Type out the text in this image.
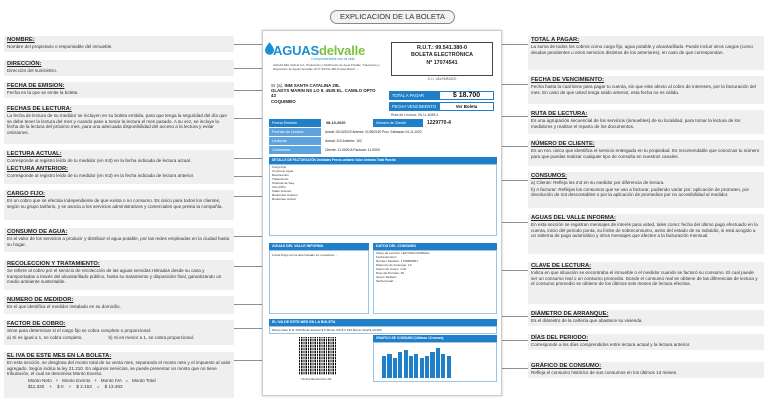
EXPLICACION DE LA BOLETA
NOMBRE:
Nombre del propietario o responsable del inmueble.
DIRECCIÓN:
Dirección del suministro.
FECHA DE EMISION:
Fecha en la que se emite la boleta.
FECHAS DE LECTURA:
La fecha de lectura de su medidor se incluyen en su boleta emitida, para que tenga la seguridad del día que se debe tener la lectura del mes y cuando pase a tomar la lectura el mes pasado. A su vez, se incluye la fecha de la lectura del próximo mes, para una adecuada disponibilidad del acceso a la lectura y evitar omisiones.
LECTURA ACTUAL:
Corresponde al registro leído de tu medidor (en m3) en la fecha indicada de lectura actual.
LECTURA ANTERIOR:
Corresponde al registro leído de tu medidor (en m3) en la fecha indicada de lectura anterior.
CARGO FIJO:
Es un cobro que se efectúa independiente de que exista o no consumo. Es único para todos los clientes, según su grupo tarifario, y se asocia a los servicios administrativos y comerciales que presta la compañía.
CONSUMO DE AGUA:
Es el valor de los servicios a producir y distribuir el agua potable, por las redes empleadas en la ciudad hasta su hogar.
RECOLECCION Y TRATAMIENTO:
Se refiere al cobro por el servicio de recolección de las aguas servidas retiradas desde su casa y transportadas a través del alcantarillado público, hasta su tratamiento y disposición final, garantizando un medio ambiente sustentable.
NUMERO DE MEDIDOR:
Es el que identifica el medidor instalado en su domicilio.
FACTOR DE COBRO:
Sirve para determinar si el cargo fijo se cobra completo o proporcional:
a) Si es igual a 1, se cobra completo.	b) Si es menor a 1, se cobra proporcional.
EL IVA DE ESTE MES EN LA BOLETA:
En esta sección, se desglosa del monto total de su venta mes, separando el monto neto y el impuesto al valor agregado. Según indica la ley 21.210. En algunos servicios, se puede presentar un monto que no tiene tributación, el cual se denomina Monto Exento.
Monto Neto   +   Monto Exento   +   Monto IVA   =   Monto Total
$11.330    +    $ 0    +    $ 2.153    =    $ 13.483
TOTAL A PAGAR:
La suma de todos los cobros como cargo fijo, agua potable y alcantarillado. Puede incluir otros cargos (como deudas pendientes u otros servicios distintos de los anteriores), en caso de que correspondan.
FECHA DE VENCIMIENTO:
Fecha hasta la cual tiene para pagar tu cuenta, sin que este afecto al cobro de intereses, por la facturación del mes. En caso de que usted tenga saldo anterior, esta fecha no es válida.
RUTA DE LECTURA:
Es una agrupación secuencial de los servicios (inmuebles) de su localidad, para tomar la lectura de los medidores y realizar el reparto de los documentos.
NÚMERO DE CLIENTE:
Es un nro. único que identifica el servicio entregado en tu propiedad. Es recomendable que conozcas tu número para que puedas realizar cualquier tipo de consulta en nuestros canales.
CONSUMOS:
a) Cliente: Refleja los m3 en su medidor por diferencia de lectura.
b) A facturar: Reflejas los consumos que se van a facturar, pudiendo variar por: aplicación de prorrateo, por devolución de m3 descontables o por la aplicación de promedios por no accesibilidad al medidor.
AGUAS DEL VALLE INFORMA:
En esta sección se registran mensajes de interés para usted, tales como: fecha del último pago efectuado en la cuenta, inicio del periodo punta, su límite de sobreconsumo, aviso del estado de su subsidio, si está acogido a un sistema de pago automático y otros mensajes que afecten a la facturación mensual.
CLAVE DE LECTURA:
Indica en que situación se encontraba el inmueble o el medidor cuando se facturó su consumo. El cual puede ser un consumo real o un consumo promedio. Donde el consumo real se obtiene de las diferencias de lectura y el consumo promedio se obtiene de los últimos seis meses de lectura efectiva.
DIÁMETRO DE ARRANQUE:
Es el diámetro de la cañería que abastece su vivienda.
DÍAS DEL PERIODO:
Corresponde a los días comprendidos entre lectura actual y la lectura anterior.
GRÁFICO DE CONSUMO:
Refleja el consumo histórico de sus consumos en los últimos 13 meses.
AGUASdelvalle
Comprometidos con la vida
AGUAS DEL VALLE S.A. Producción y Distribución de Agua Potable, Tratamiento y Disposición de Aguas Servidas. RUT: 99.541.380-9 Casa Matriz: ...
R.U.T.: 99.541.380-0
BOLETA ELECTRÓNICA
Nº 17074541
S.I.I. VALPARAISO
Sr (a). INM SANTA CATALINA 29L
GLADYS MARIN NS LO 9. 4535 EL. CAMILO OPTO
43
COQUIMBO
TOTAL A PAGAR	$ 18.700
FECHA VENCIMIENTO	Ver Boleta
Ruta de Lectura: 06-11-6085-1
Fecha Emisión	08-10-2020	Número de Cliente	1229770-4
Fechas de Lectura	Actual: 01/10/2020 Anterior: 01/09/2020 Prox. Estimada: 04-11-2020
Lecturas	Actual: 113 Anterior: 102
Consumos	Cliente: 11.0000 A Facturar: 11.0000
DETALLE DE FACTURACIÓN Unidades Precio unitario Valor Unitario Total Parcial
Cargo Fijo
Consumo Agua
Recolección
Tratamiento
Subtotal de Seq
IVA (19%)
Saldo Anterior
Redondeo Anterior
Redondeo Actual
AGUAS DEL VALLE INFORMA
Límite Pago se ha determinado en su factura: ...
DATOS DEL CONSUMO
Clave de Lectura: LECTURA NORMAL
Fecha Emisión
Número Medidor: 1700808681
Diámetro de Arranque: 13
Factor de Cobro: 1.00
Días del Periodo: 30
Grupo Tarifario
Tarifa Actual: ...
EL IVA DE ESTE MES EN LA BOLETA
Monto Neto $ 11.330 Monto Exento $ 0 Monto IVA $ 2.153 Monto Total $ 13.483
Timbre Electrónico SII
GRAFICO DE CONSUMO (Últimos 13 meses)
